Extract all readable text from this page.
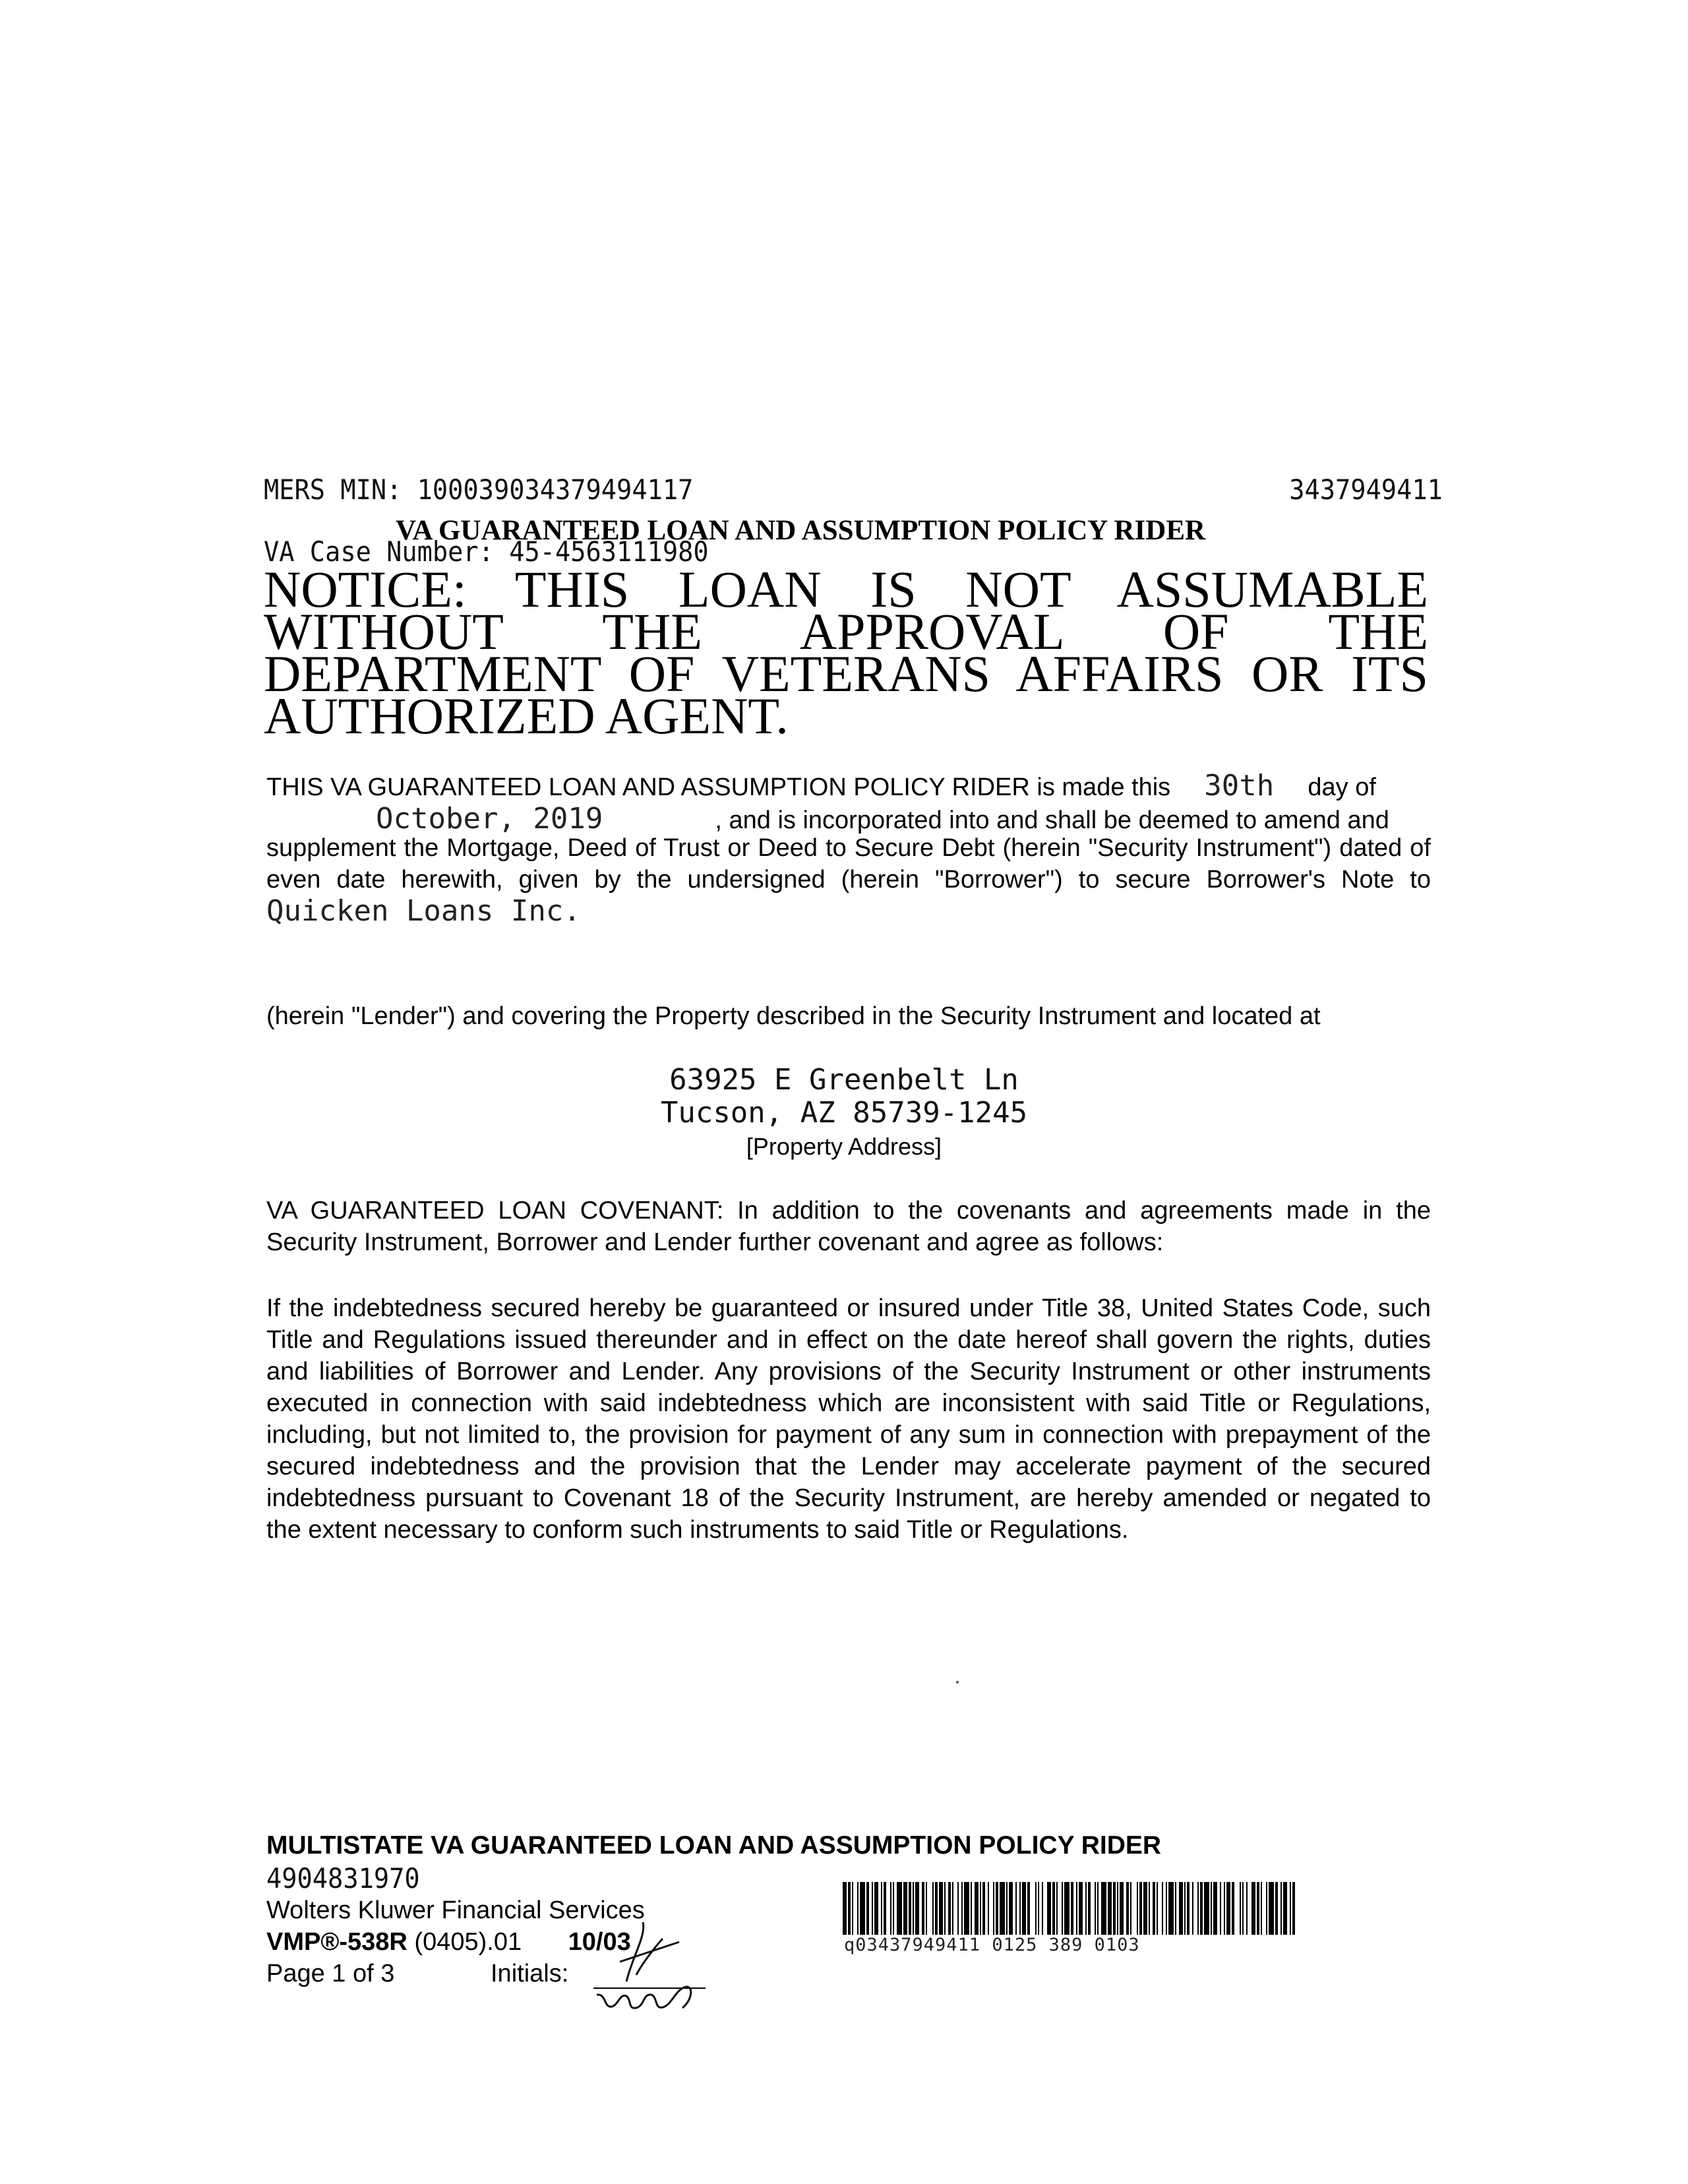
MERS MIN: 100039034379494117	3437949411
VA GUARANTEED LOAN AND ASSUMPTION POLICY RIDER
VA Case Number: 45-4563111980
NOTICE: THIS LOAN IS NOT ASSUMABLE WITHOUT THE APPROVAL OF THE DEPARTMENT OF VETERANS AFFAIRS OR ITS AUTHORIZED AGENT.
THIS VA GUARANTEED LOAN AND ASSUMPTION POLICY RIDER is made this 30th day of
October, 2019	, and is incorporated into and shall be deemed to amend and
supplement the Mortgage, Deed of Trust or Deed to Secure Debt (herein "Security Instrument") dated of even date herewith, given by the undersigned (herein "Borrower") to secure Borrower's Note to Quicken Loans Inc.
(herein "Lender") and covering the Property described in the Security Instrument and located at
63925 E Greenbelt Ln
Tucson, AZ 85739-1245
[Property Address]
VA GUARANTEED LOAN COVENANT: In addition to the covenants and agreements made in the Security Instrument, Borrower and Lender further covenant and agree as follows:
If the indebtedness secured hereby be guaranteed or insured under Title 38, United States Code, such Title and Regulations issued thereunder and in effect on the date hereof shall govern the rights, duties and liabilities of Borrower and Lender. Any provisions of the Security Instrument or other instruments executed in connection with said indebtedness which are inconsistent with said Title or Regulations, including, but not limited to, the provision for payment of any sum in connection with prepayment of the secured indebtedness and the provision that the Lender may accelerate payment of the secured indebtedness pursuant to Covenant 18 of the Security Instrument, are hereby amended or negated to the extent necessary to conform such instruments to said Title or Regulations.
MULTISTATE VA GUARANTEED LOAN AND ASSUMPTION POLICY RIDER
4904831970
Wolters Kluwer Financial Services
VMP®-538R (0405).01 10/03
Page 1 of 3	Initials:
q03437949411 0125 389 0103
